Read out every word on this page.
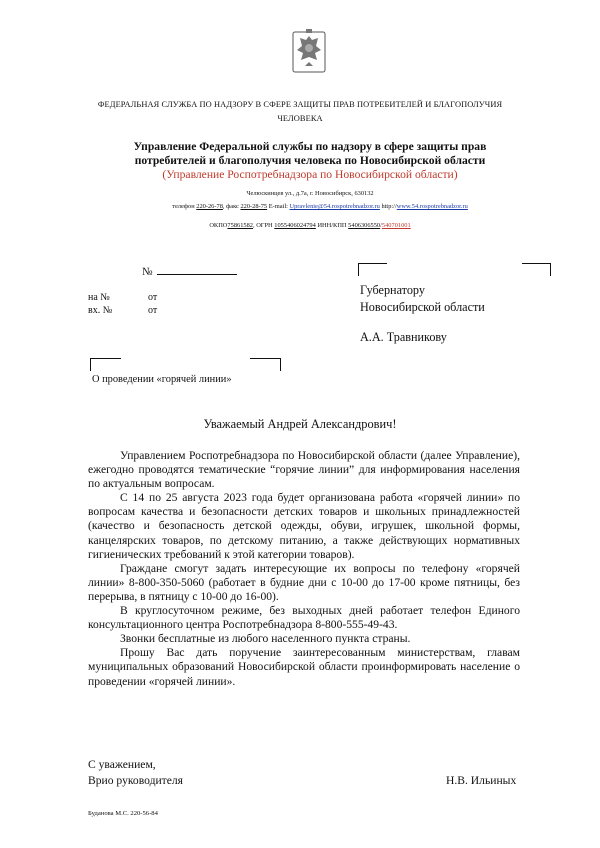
ФЕДЕРАЛЬНАЯ СЛУЖБА ПО НАДЗОРУ В СФЕРЕ ЗАЩИТЫ ПРАВ ПОТРЕБИТЕЛЕЙ И БЛАГОПОЛУЧИЯ
ЧЕЛОВЕКА
Управление Федеральной службы по надзору в сфере защиты прав
потребителей и благополучия человека по Новосибирской области
(Управление Роспотребнадзора по Новосибирской области)
Челюскинцев ул., д.7а, г. Новосибирск, 630132
телефон 220-26-78, факс 220-28-75 E-mail: Upravlenie@54.rospotrebnadzor.ru http://www.54.rospotrebnadzor.ru
ОКПО75861582, ОГРН 1055406024794 ИНН/КПП 5406306550/540701001
№
на №	от
вх. №	от
Губернатору
Новосибирской области
А.А. Травникову
О проведении «горячей линии»
Уважаемый Андрей Александрович!

Управлением Роспотребнадзора по Новосибирской области (далее Управление), ежегодно проводятся тематические “горячие линии” для информирования населения по актуальным вопросам.

С 14 по 25 августа 2023 года будет организована работа «горячей линии» по вопросам качества и безопасности детских товаров и школьных принадлежностей (качество и безопасность детской одежды, обуви, игрушек, школьной формы, канцелярских товаров, по детскому питанию, а также действующих нормативных гигиенических требований к этой категории товаров).

Граждане смогут задать интересующие их вопросы по телефону «горячей линии» 8-800-350-5060 (работает в будние дни с 10-00 до 17-00 кроме пятницы, без перерыва, в пятницу с 10-00 до 16-00).

В круглосуточном режиме, без выходных дней работает телефон Единого консультационного центра Роспотребнадзора 8-800-555-49-43.

Звонки бесплатные из любого населенного пункта страны.

Прошу Вас дать поручение заинтересованным министерствам, главам муниципальных образований Новосибирской области проинформировать население о проведении «горячей линии».

С уважением,
Врио руководителя	Н.В. Ильиных
Буданова М.С. 220-56-84
